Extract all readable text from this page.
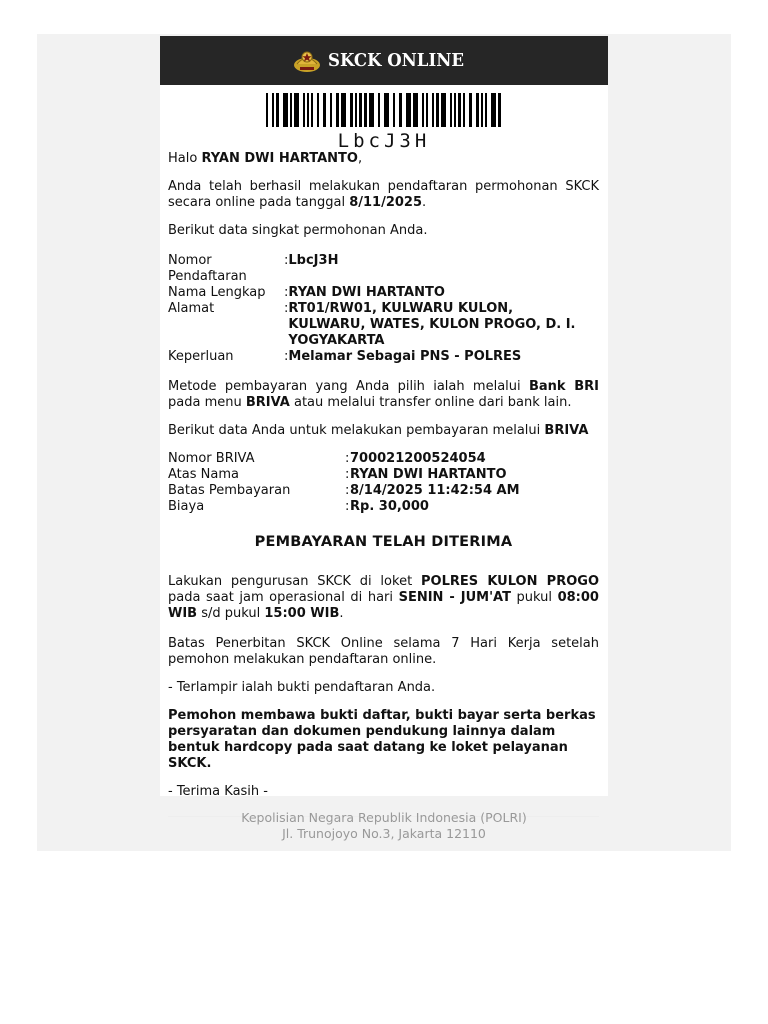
SKCK ONLINE
LbcJ3H

Halo RYAN DWI HARTANTO,

Anda telah berhasil melakukan pendaftaran permohonan SKCK secara online pada tanggal 8/11/2025.

Berikut data singkat permohonan Anda.

Nomor Pendaftaran	:	LbcJ3H
Nama Lengkap	:	RYAN DWI HARTANTO
Alamat	:	RT01/RW01, KULWARU KULON, KULWARU, WATES, KULON PROGO, D. I. YOGYAKARTA
Keperluan	:	Melamar Sebagai PNS - POLRES

Metode pembayaran yang Anda pilih ialah melalui Bank BRI pada menu BRIVA atau melalui transfer online dari bank lain.

Berikut data Anda untuk melakukan pembayaran melalui BRIVA

Nomor BRIVA	:	700021200524054
Atas Nama	:	RYAN DWI HARTANTO
Batas Pembayaran	:	8/14/2025 11:42:54 AM
Biaya	:	Rp. 30,000
PEMBAYARAN TELAH DITERIMA

Lakukan pengurusan SKCK di loket POLRES KULON PROGO pada saat jam operasional di hari SENIN - JUM'AT pukul 08:00 WIB s/d pukul 15:00 WIB.

Batas Penerbitan SKCK Online selama 7 Hari Kerja setelah pemohon melakukan pendaftaran online.

- Terlampir ialah bukti pendaftaran Anda.

Pemohon membawa bukti daftar, bukti bayar serta berkas persyaratan dan dokumen pendukung lainnya dalam bentuk hardcopy pada saat datang ke loket pelayanan SKCK.

- Terima Kasih -

Kepolisian Negara Republik Indonesia (POLRI)
Jl. Trunojoyo No.3, Jakarta 12110
